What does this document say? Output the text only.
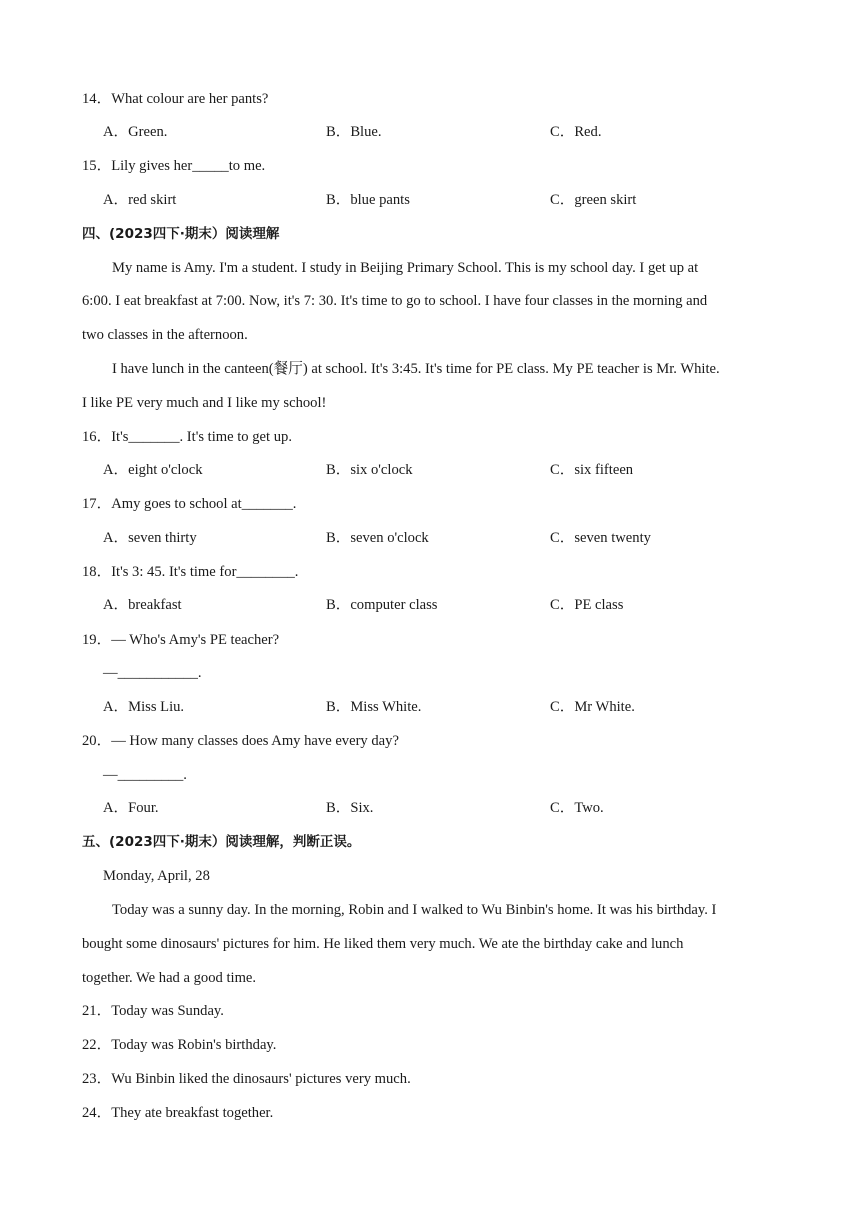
14．What colour are her pants?
A．Green.	B．Blue.	C．Red.
15．Lily gives her_____to me.
A．red skirt	B．blue pants	C．green skirt
四、(2023四下·期末）阅读理解
My name is Amy. I'm a student. I study in Beijing Primary School. This is my school day. I get up at
6:00. I eat breakfast at 7:00. Now, it's 7: 30. It's time to go to school. I have four classes in the morning and
two classes in the afternoon.
I have lunch in the canteen(餐厅) at school. It's 3:45. It's time for PE class. My PE teacher is Mr. White.
I like PE very much and I like my school!
16．It's_______. It's time to get up.
A．eight o'clock	B．six o'clock	C．six fifteen
17．Amy goes to school at_______.
A．seven thirty	B．seven o'clock	C．seven twenty
18．It's 3: 45. It's time for________.
A．breakfast	B．computer class	C．PE class
19．— Who's Amy's PE teacher?
—___________.
A．Miss Liu.	B．Miss White.	C．Mr White.
20．— How many classes does Amy have every day?
—_________.
A．Four.	B．Six.	C．Two.
五、(2023四下·期末）阅读理解，判断正误。
Monday, April, 28
Today was a sunny day. In the morning, Robin and I walked to Wu Binbin's home. It was his birthday. I
bought some dinosaurs' pictures for him. He liked them very much. We ate the birthday cake and lunch
together. We had a good time.
21．Today was Sunday.
22．Today was Robin's birthday.
23．Wu Binbin liked the dinosaurs' pictures very much.
24．They ate breakfast together.
